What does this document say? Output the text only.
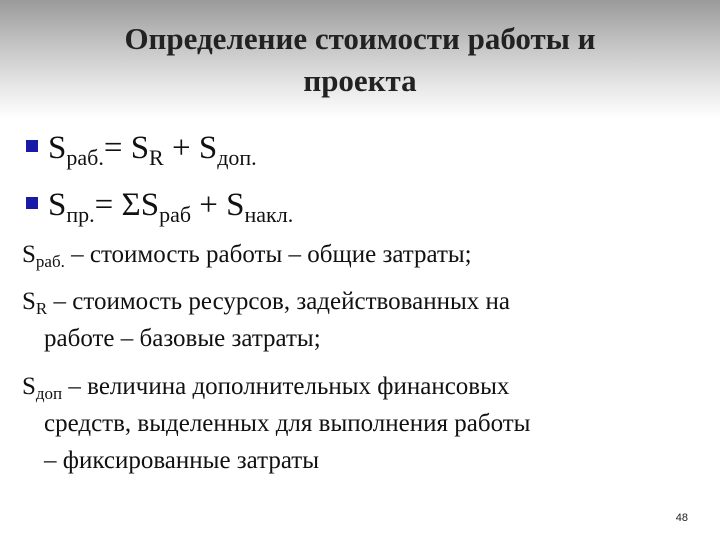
Определение стоимости работы и
проекта
$S_{раб.}= S_R + S_{доп.}$
$S_{пр.}= \Sigma S_{раб} + S_{накл.}$
$S_{раб.}$ – стоимость работы – общие затраты;
$S_R$ – стоимость ресурсов, задействованных на
работе – базовые затраты;
$S_{доп}$ – величина дополнительных финансовых
средств, выделенных для выполнения работы
– фиксированные затраты
48
